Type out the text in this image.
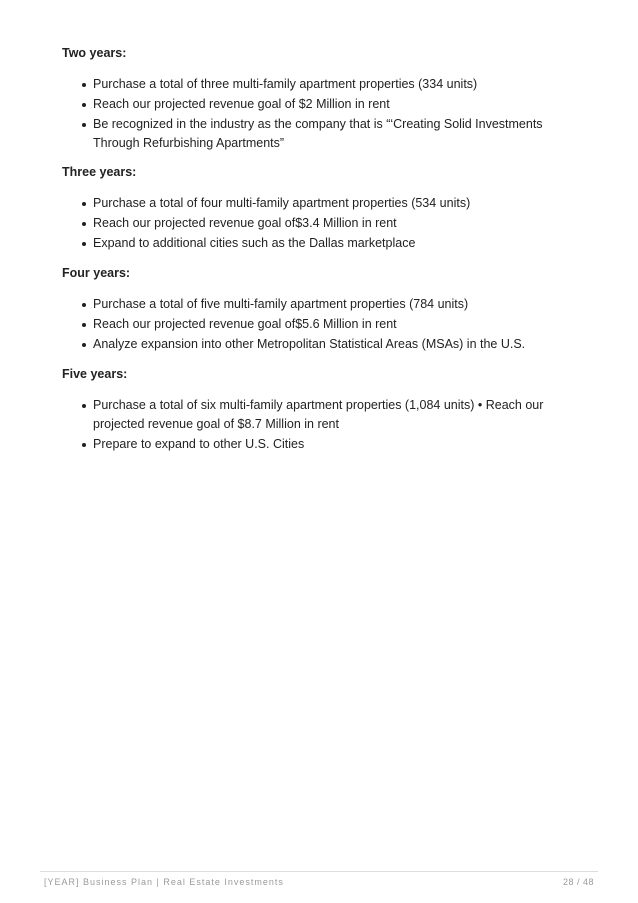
Two years:
Purchase a total of three multi-family apartment properties (334 units)
Reach our projected revenue goal of $2 Million in rent
Be recognized in the industry as the company that is “‘Creating Solid Investments Through Refurbishing Apartments”
Three years:
Purchase a total of four multi-family apartment properties (534 units)
Reach our projected revenue goal of$3.4 Million in rent
Expand to additional cities such as the Dallas marketplace
Four years:
Purchase a total of five multi-family apartment properties (784 units)
Reach our projected revenue goal of$5.6 Million in rent
Analyze expansion into other Metropolitan Statistical Areas (MSAs) in the U.S.
Five years:
Purchase a total of six multi-family apartment properties (1,084 units) • Reach our projected revenue goal of $8.7 Million in rent
Prepare to expand to other U.S. Cities
[YEAR] Business Plan | Real Estate Investments	28 / 48
